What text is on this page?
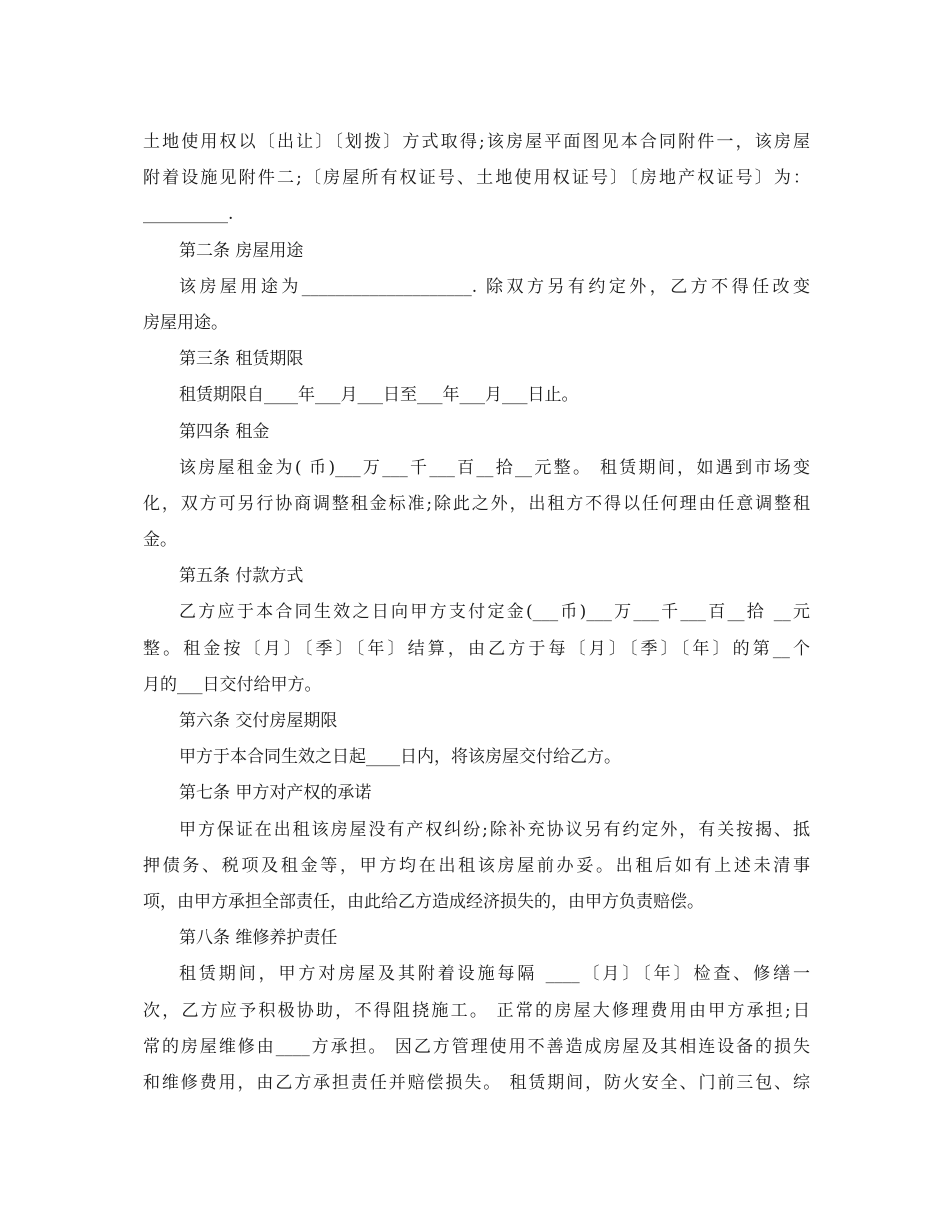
土地使用权以〔出让〕〔划拨〕方式取得;该房屋平面图见本合同附件一，该房屋
附着设施见附件二;〔房屋所有权证号、土地使用权证号〕〔房地产权证号〕为：
__________.
第二条 房屋用途
该房屋用途为____________________. 除双方另有约定外，乙方不得任改变
房屋用途。
第三条 租赁期限
租赁期限自____年___月___日至___年___月___日止。
第四条 租金
该房屋租金为( 币)___万___千___百__拾__元整。 租赁期间，如遇到市场变
化，双方可另行协商调整租金标准;除此之外，出租方不得以任何理由任意调整租
金。
第五条 付款方式
乙方应于本合同生效之日向甲方支付定金(___币)___万___千___百__拾 __元
整。租金按〔月〕〔季〕〔年〕结算，由乙方于每〔月〕〔季〕〔年〕的第__个
月的___日交付给甲方。
第六条 交付房屋期限
甲方于本合同生效之日起____日内，将该房屋交付给乙方。
第七条 甲方对产权的承诺
甲方保证在出租该房屋没有产权纠纷;除补充协议另有约定外，有关按揭、抵
押债务、税项及租金等，甲方均在出租该房屋前办妥。出租后如有上述未清事
项，由甲方承担全部责任，由此给乙方造成经济损失的，由甲方负责赔偿。
第八条 维修养护责任
租赁期间，甲方对房屋及其附着设施每隔 ____〔月〕〔年〕检查、修缮一
次，乙方应予积极协助，不得阻挠施工。 正常的房屋大修理费用由甲方承担;日
常的房屋维修由____方承担。 因乙方管理使用不善造成房屋及其相连设备的损失
和维修费用，由乙方承担责任并赔偿损失。 租赁期间，防火安全、门前三包、综
